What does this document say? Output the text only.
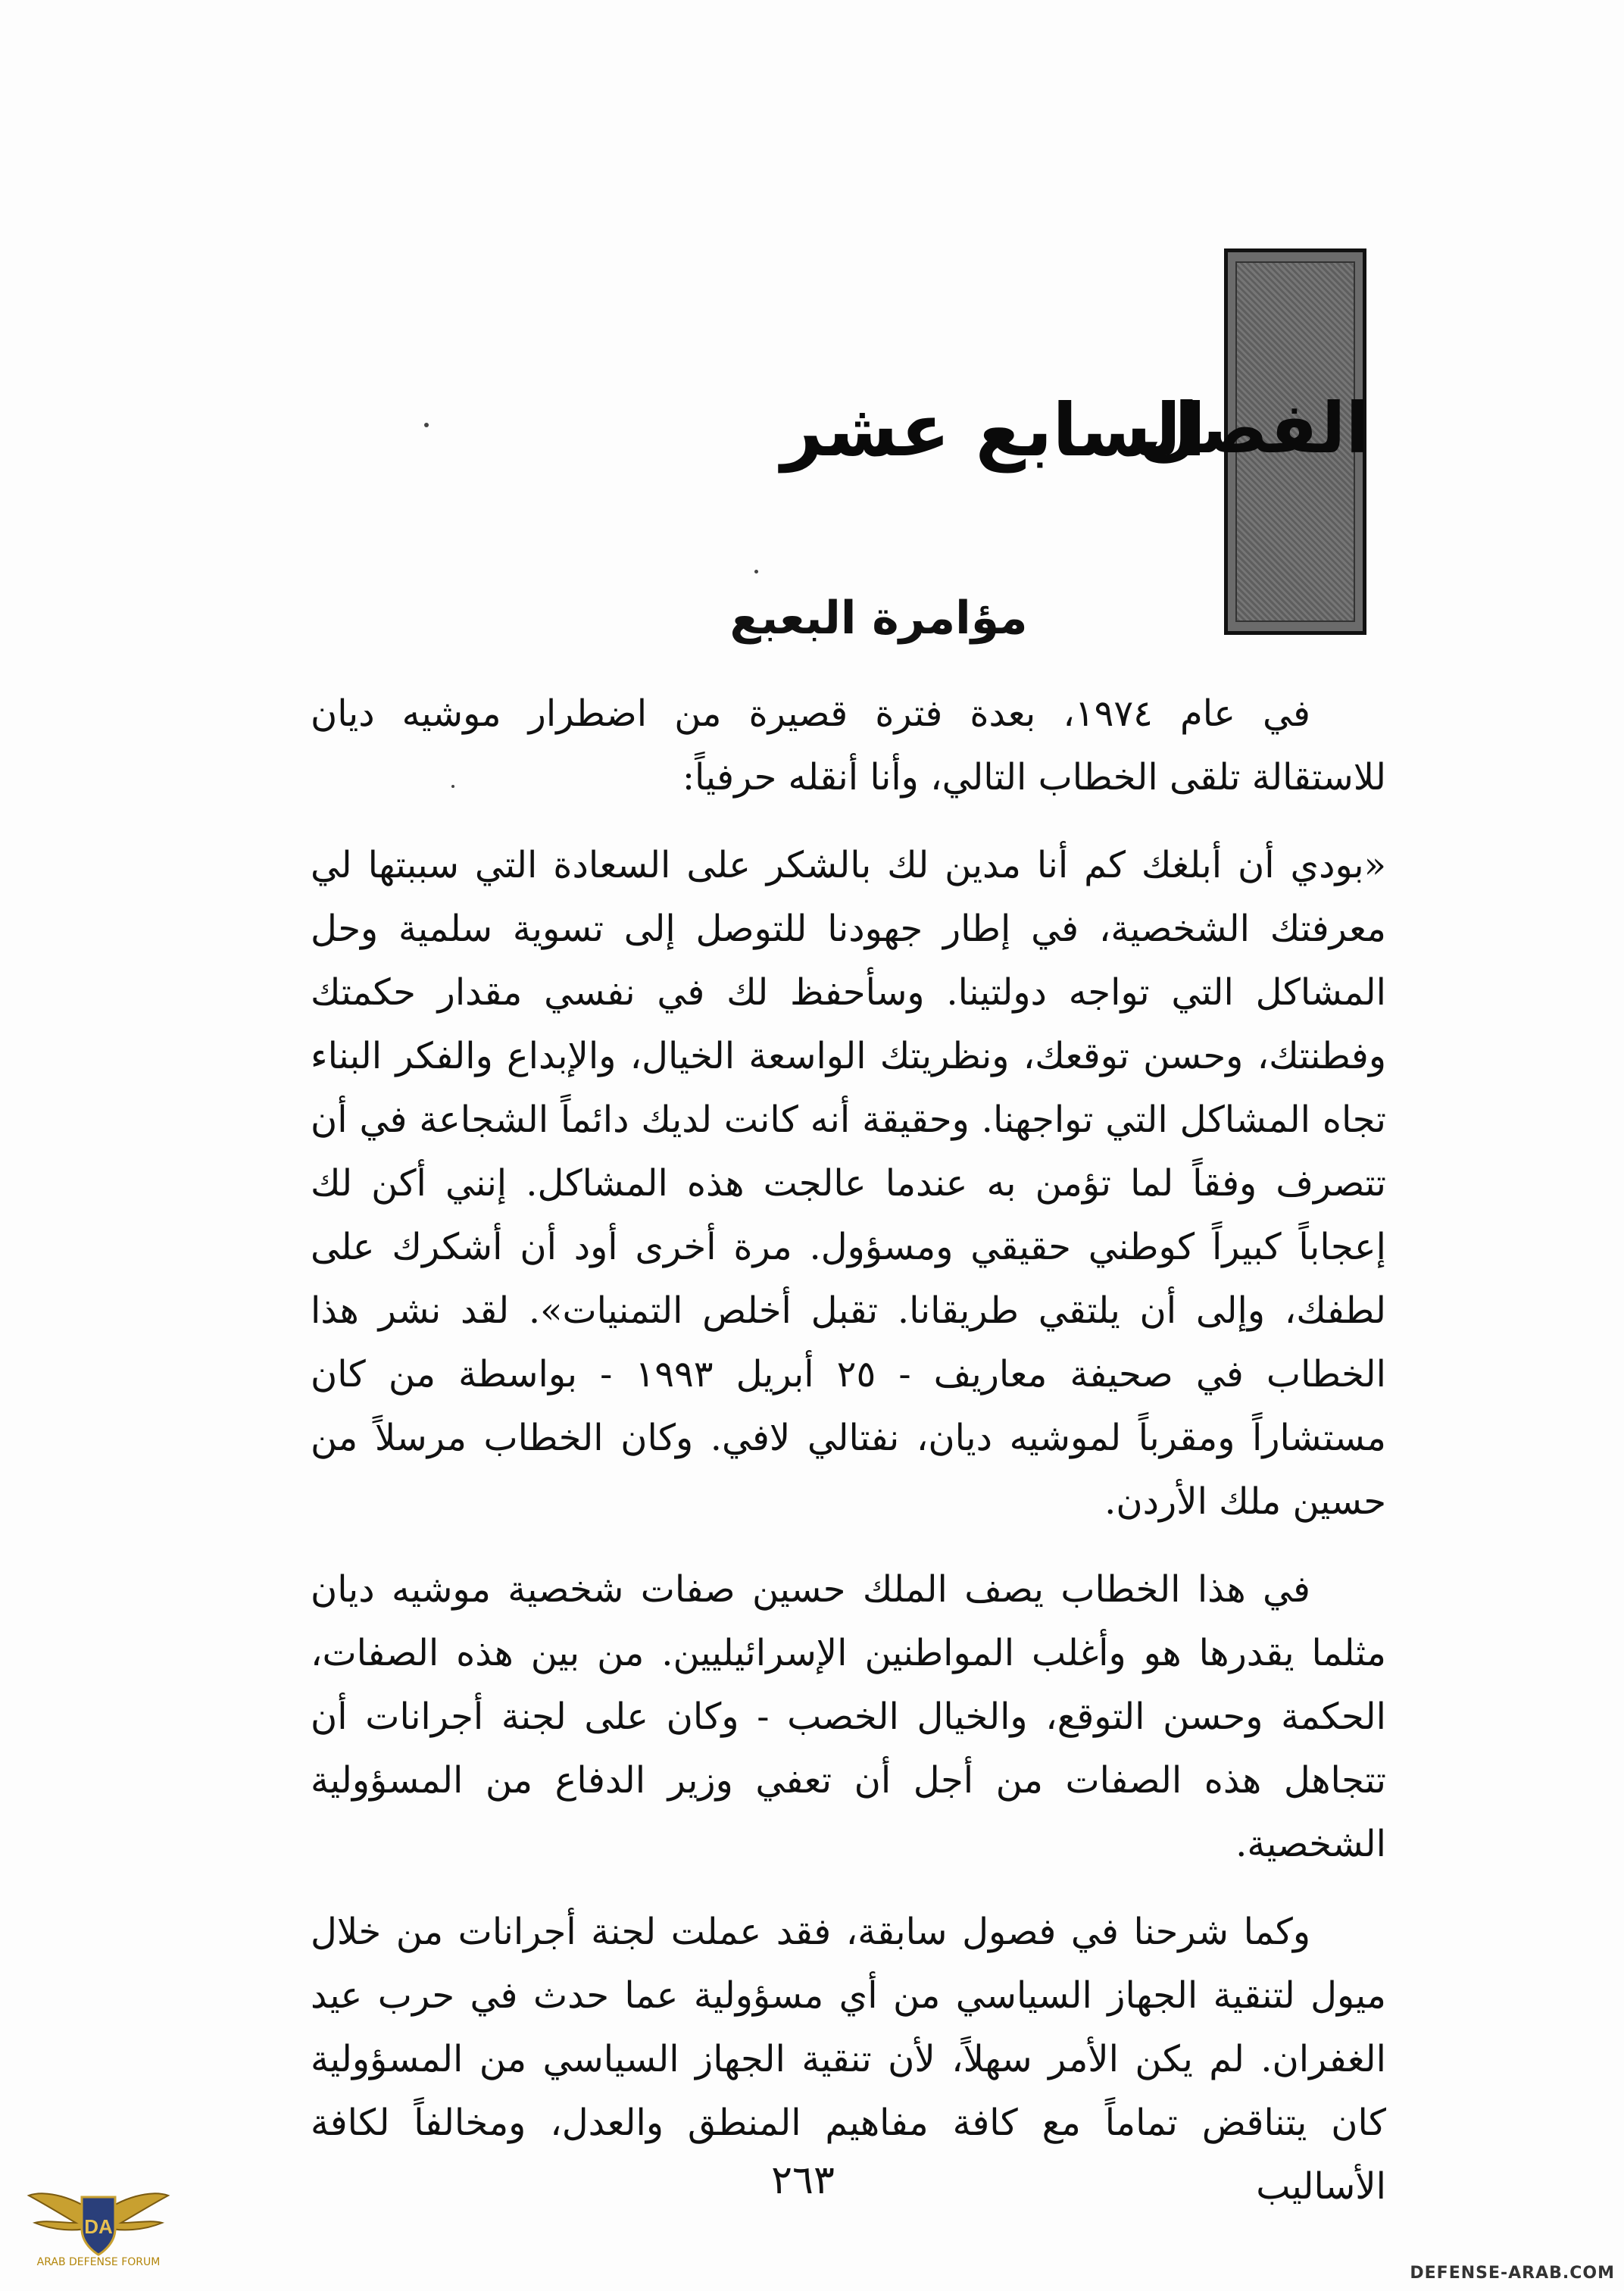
الفصل
السابع عشر
مؤامرة البعبع

في عام ١٩٧٤، بعدة فترة قصيرة من اضطرار موشيه ديان للاستقالة تلقى الخطاب التالي، وأنا أنقله حرفياً:

«بودي أن أبلغك كم أنا مدين لك بالشكر على السعادة التي سببتها لي معرفتك الشخصية، في إطار جهودنا للتوصل إلى تسوية سلمية وحل المشاكل التي تواجه دولتينا. وسأحفظ لك في نفسي مقدار حكمتك وفطنتك، وحسن توقعك، ونظريتك الواسعة الخيال، والإبداع والفكر البناء تجاه المشاكل التي تواجهنا. وحقيقة أنه كانت لديك دائماً الشجاعة في أن تتصرف وفقاً لما تؤمن به عندما عالجت هذه المشاكل. إنني أكن لك إعجاباً كبيراً كوطني حقيقي ومسؤول. مرة أخرى أود أن أشكرك على لطفك، وإلى أن يلتقي طريقانا. تقبل أخلص التمنيات». لقد نشر هذا الخطاب في صحيفة معاريف - ٢٥ أبريل ١٩٩٣ - بواسطة من كان مستشاراً ومقرباً لموشيه ديان، نفتالي لافي. وكان الخطاب مرسلاً من حسين ملك الأردن.

في هذا الخطاب يصف الملك حسين صفات شخصية موشيه ديان مثلما يقدرها هو وأغلب المواطنين الإسرائيليين. من بين هذه الصفات، الحكمة وحسن التوقع، والخيال الخصب - وكان على لجنة أجرانات أن تتجاهل هذه الصفات من أجل أن تعفي وزير الدفاع من المسؤولية الشخصية.

وكما شرحنا في فصول سابقة، فقد عملت لجنة أجرانات من خلال ميول لتنقية الجهاز السياسي من أي مسؤولية عما حدث في حرب عيد الغفران. لم يكن الأمر سهلاً، لأن تنقية الجهاز السياسي من المسؤولية كان يتناقض تماماً مع كافة مفاهيم المنطق والعدل، ومخالفاً لكافة الأساليب

٢٦٣
DA
ARAB DEFENSE FORUM
DEFENSE-ARAB.COM
